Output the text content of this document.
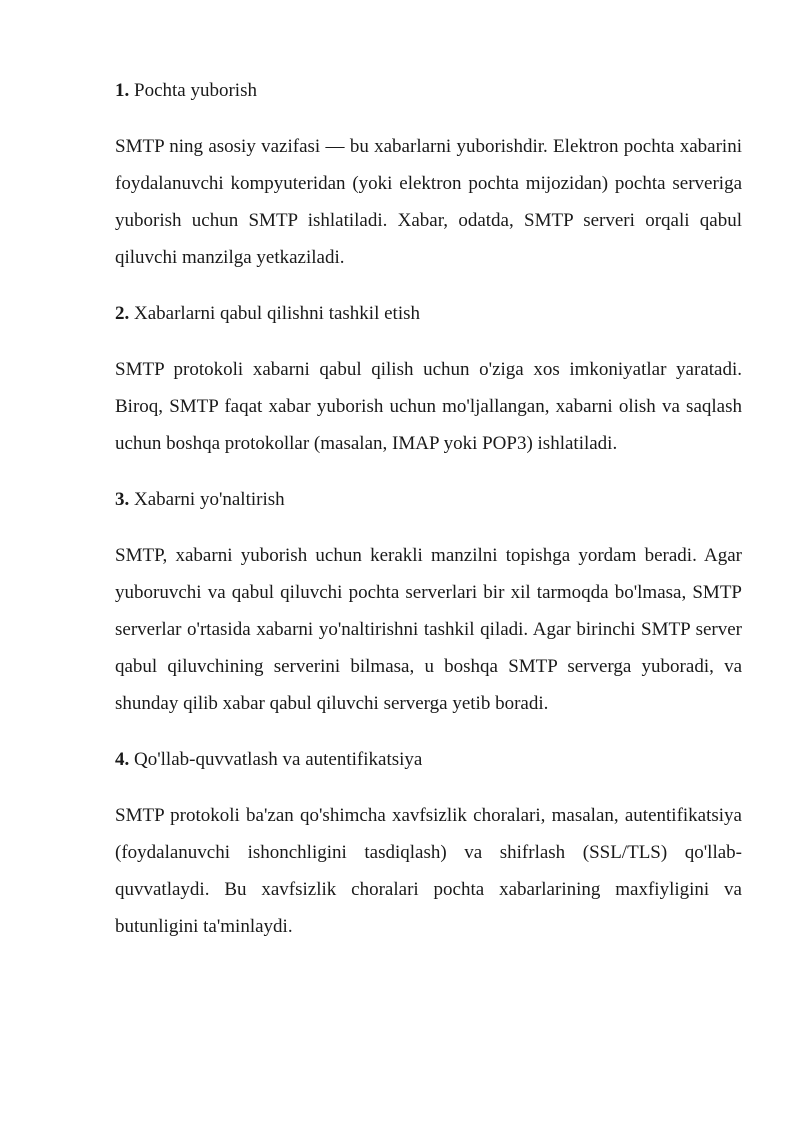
1. Pochta yuborish

SMTP ning asosiy vazifasi — bu xabarlarni yuborishdir. Elektron pochta xabarini foydalanuvchi kompyuteridan (yoki elektron pochta mijozidan) pochta serveriga yuborish uchun SMTP ishlatiladi. Xabar, odatda, SMTP serveri orqali qabul qiluvchi manzilga yetkaziladi.

2. Xabarlarni qabul qilishni tashkil etish

SMTP protokoli xabarni qabul qilish uchun o'ziga xos imkoniyatlar yaratadi. Biroq, SMTP faqat xabar yuborish uchun mo'ljallangan, xabarni olish va saqlash uchun boshqa protokollar (masalan, IMAP yoki POP3) ishlatiladi.

3. Xabarni yo'naltirish

SMTP, xabarni yuborish uchun kerakli manzilni topishga yordam beradi. Agar yuboruvchi va qabul qiluvchi pochta serverlari bir xil tarmoqda bo'lmasa, SMTP serverlar o'rtasida xabarni yo'naltirishni tashkil qiladi. Agar birinchi SMTP server qabul qiluvchining serverini bilmasa, u boshqa SMTP serverga yuboradi, va shunday qilib xabar qabul qiluvchi serverga yetib boradi.

4. Qo'llab-quvvatlash va autentifikatsiya

SMTP protokoli ba'zan qo'shimcha xavfsizlik choralari, masalan, autentifikatsiya (foydalanuvchi ishonchligini tasdiqlash) va shifrlash (SSL/TLS) qo'llab-quvvatlaydi. Bu xavfsizlik choralari pochta xabarlarining maxfiyligini va butunligini ta'minlaydi.
